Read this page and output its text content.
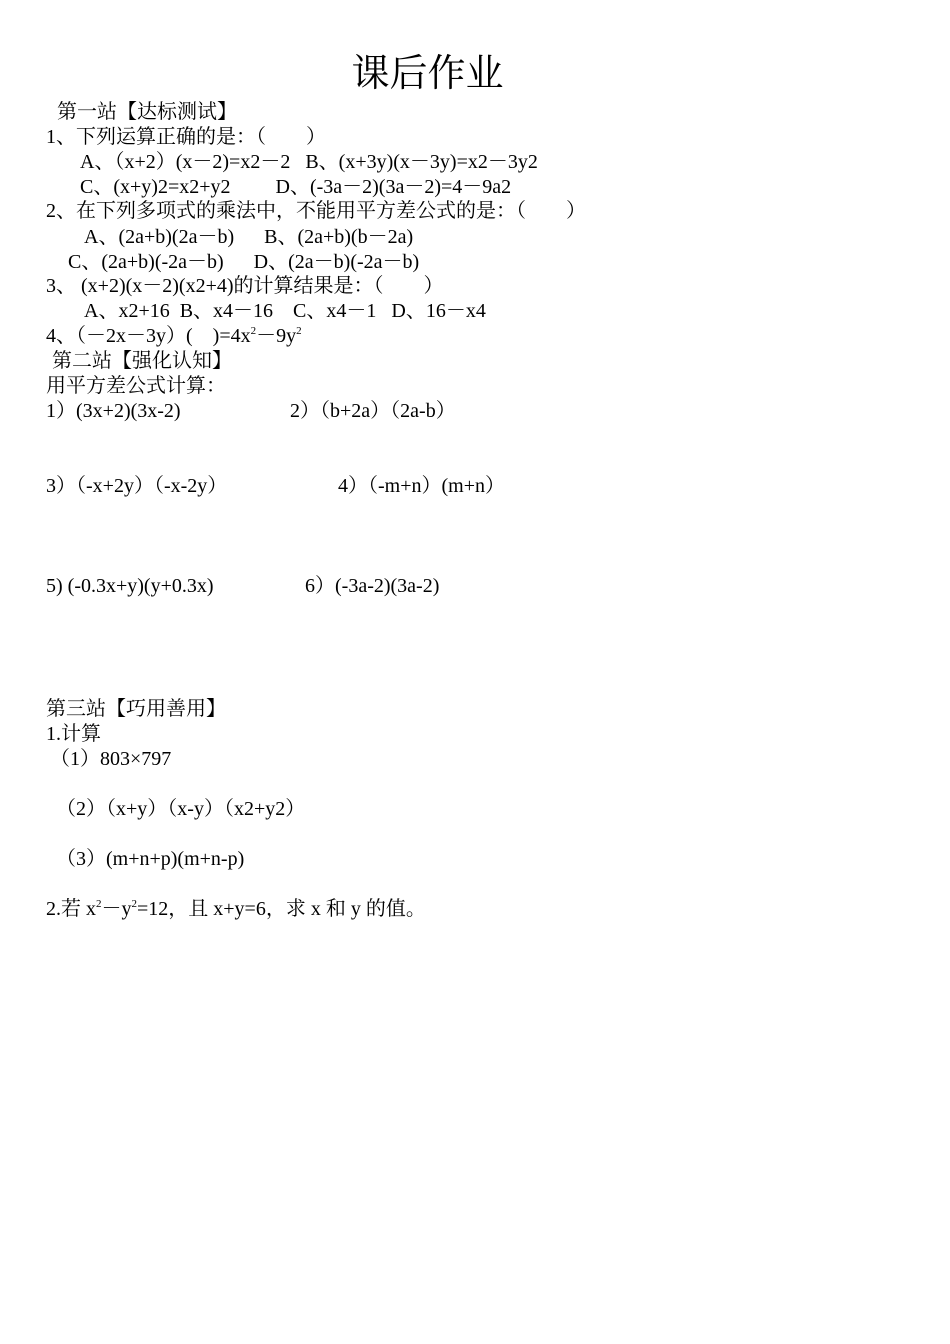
课后作业
第一站【达标测试】
1、下列运算正确的是：（　　）
A、（x+2）(x－2)=x2－2   B、(x+3y)(x－3y)=x2－3y2
C、(x+y)2=x2+y2         D、(-3a－2)(3a－2)=4－9a2
2、在下列多项式的乘法中，不能用平方差公式的是：（　　）
A、(2a+b)(2a－b)      B、(2a+b)(b－2a)
C、(2a+b)(-2a－b)      D、(2a－b)(-2a－b)
3、 (x+2)(x－2)(x2+4)的计算结果是：（　　）
A、x2+16  B、x4－16    C、x4－1   D、16－x4
4、（－2x－3y）(　)$=4x^2-9y^2$
第二站【强化认知】
用平方差公式计算：
1）(3x+2)(3x-2)	2）（b+2a）（2a-b）
3）（-x+2y）（-x-2y）	4）（-m+n）(m+n）
5) (-0.3x+y)(y+0.3x)	6）(-3a-2)(3a-2)
第三站【巧用善用】
1.计算
（1）803×797
（2）（x+y）（x-y）（x2+y2）
（3）(m+n+p)(m+n-p)
2.若 $x^2-y^2=12$，且 x+y=6，求 x 和 y 的值。
